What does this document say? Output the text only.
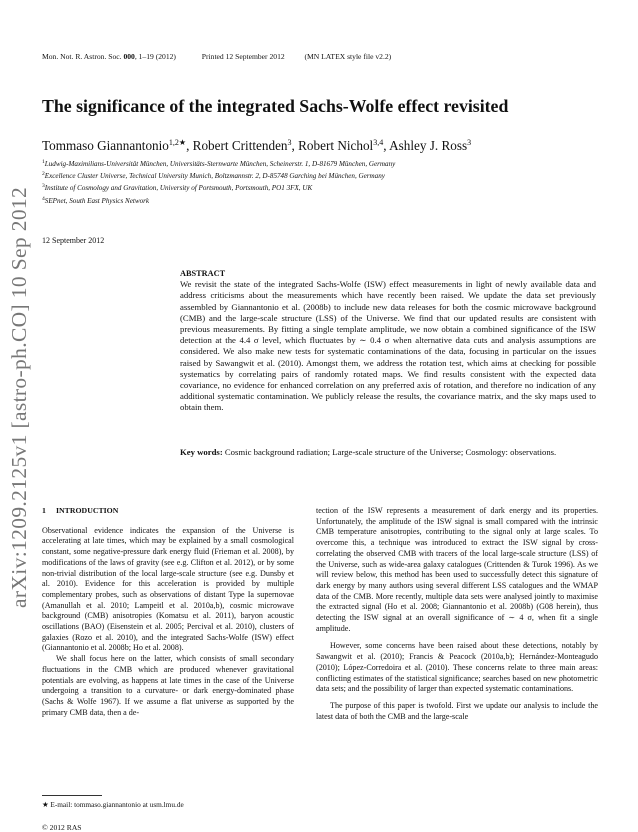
Mon. Not. R. Astron. Soc. 000, 1–19 (2012)	Printed 12 September 2012	(MN LATEX style file v2.2)
arXiv:1209.2125v1 [astro-ph.CO] 10 Sep 2012
The significance of the integrated Sachs-Wolfe effect revisited
Tommaso Giannantonio$^{1,2★}$, Robert Crittenden$^3$, Robert Nichol$^{3,4}$, Ashley J. Ross$^3$
$^1$Ludwig-Maximilians-Universität München, Universitäts-Sternwarte München, Scheinerstr. 1, D-81679 München, Germany
$^2$Excellence Cluster Universe, Technical University Munich, Boltzmannstr. 2, D-85748 Garching bei München, Germany
$^3$Institute of Cosmology and Gravitation, University of Portsmouth, Portsmouth, PO1 3FX, UK
$^4$SEPnet, South East Physics Network
12 September 2012
ABSTRACT
We revisit the state of the integrated Sachs-Wolfe (ISW) effect measurements in light of newly available data and address criticisms about the measurements which have recently been raised. We update the data set previously assembled by Giannantonio et al. (2008b) to include new data releases for both the cosmic microwave background (CMB) and the large-scale structure (LSS) of the Universe. We find that our updated results are consistent with previous measurements. By fitting a single template amplitude, we now obtain a combined significance of the ISW detection at the 4.4 σ level, which fluctuates by ∼ 0.4 σ when alternative data cuts and analysis assumptions are considered. We also make new tests for systematic contaminations of the data, focusing in particular on the issues raised by Sawangwit et al. (2010). Amongst them, we address the rotation test, which aims at checking for possible systematics by correlating pairs of randomly rotated maps. We find results consistent with the expected data covariance, no evidence for enhanced correlation on any preferred axis of rotation, and therefore no indication of any additional systematic contamination. We publicly release the results, the covariance matrix, and the sky maps used to obtain them.
Key words: Cosmic background radiation; Large-scale structure of the Universe; Cosmology: observations.
1 INTRODUCTION

Observational evidence indicates the expansion of the Universe is accelerating at late times, which may be explained by a small cosmological constant, some negative-pressure dark energy fluid (Frieman et al. 2008), by modifications of the laws of gravity (see e.g. Clifton et al. 2012), or by some non-trivial distribution of the local large-scale structure (see e.g. Dunsby et al. 2010). Evidence for this acceleration is provided by multiple complementary probes, such as observations of distant Type Ia supernovae (Amanullah et al. 2010; Lampeitl et al. 2010a,b), cosmic microwave background (CMB) anisotropies (Komatsu et al. 2011), baryon acoustic oscillations (BAO) (Eisenstein et al. 2005; Percival et al. 2010), clusters of galaxies (Rozo et al. 2010), and the integrated Sachs-Wolfe (ISW) effect (Giannantonio et al. 2008b; Ho et al. 2008).

We shall focus here on the latter, which consists of small secondary fluctuations in the CMB which are produced whenever gravitational potentials are evolving, as happens at late times in the case of the Universe undergoing a transition to a curvature- or dark energy-dominated phase (Sachs & Wolfe 1967). If we assume a flat universe as supported by the primary CMB data, then a de-

tection of the ISW represents a measurement of dark energy and its properties. Unfortunately, the amplitude of the ISW signal is small compared with the intrinsic CMB temperature anisotropies, contributing to the signal only at large scales. To overcome this, a technique was introduced to extract the ISW signal by cross-correlating the observed CMB with tracers of the local large-scale structure (LSS) of the Universe, such as wide-area galaxy catalogues (Crittenden & Turok 1996). As we will review below, this method has been used to successfully detect this signature of dark energy by many authors using several different LSS catalogues and the WMAP data of the CMB. More recently, multiple data sets were analysed jointly to maximise the extracted signal (Ho et al. 2008; Giannantonio et al. 2008b) (G08 herein), thus detecting the ISW signal at an overall significance of ∼ 4 σ, when fit a single amplitude.

However, some concerns have been raised about these detections, notably by Sawangwit et al. (2010); Francis & Peacock (2010a,b); Hernández-Monteagudo (2010); López-Corredoira et al. (2010). These concerns relate to three main areas: conflicting estimates of the statistical significance; searches based on new photometric data sets; and the possibility of larger than expected systematic contaminations.

The purpose of this paper is twofold. First we update our analysis to include the latest data of both the CMB and the large-scale

★ E-mail: tommaso.giannantonio at usm.lmu.de
© 2012 RAS
